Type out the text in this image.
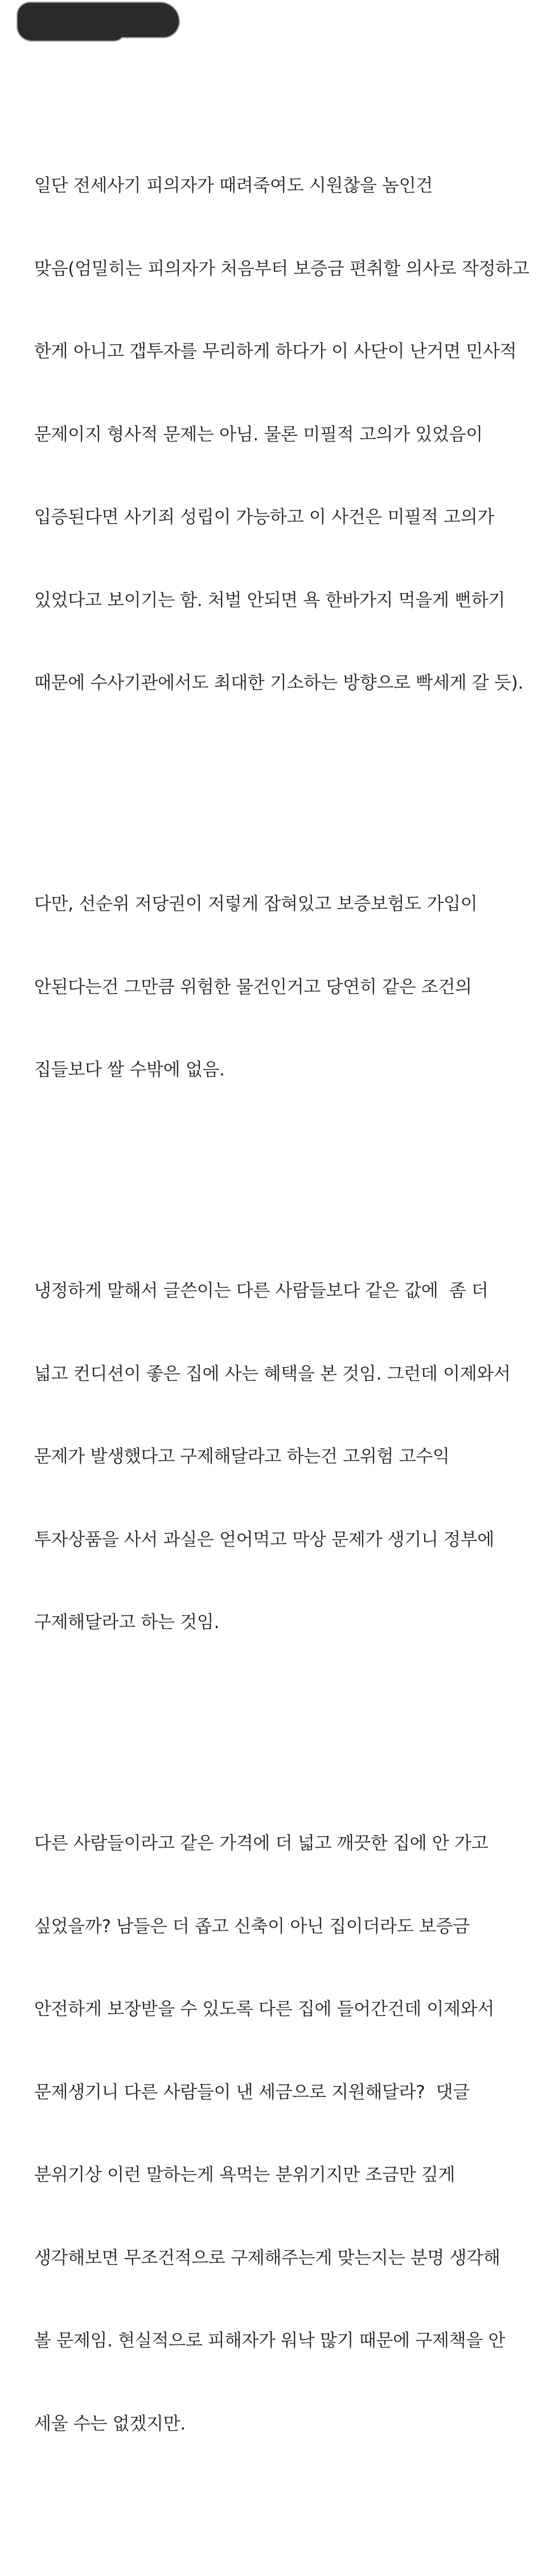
일단 전세사기 피의자가 때려죽여도 시원찮을 놈인건

맞음(엄밀히는 피의자가 처음부터 보증금 편취할 의사로 작정하고

한게 아니고 갭투자를 무리하게 하다가 이 사단이 난거면 민사적

문제이지 형사적 문제는 아님. 물론 미필적 고의가 있었음이

입증된다면 사기죄 성립이 가능하고 이 사건은 미필적 고의가

있었다고 보이기는 함. 처벌 안되면 욕 한바가지 먹을게 뻔하기

때문에 수사기관에서도 최대한 기소하는 방향으로 빡세게 갈 듯).

다만, 선순위 저당권이 저렇게 잡혀있고 보증보험도 가입이

안된다는건 그만큼 위험한 물건인거고 당연히 같은 조건의

집들보다 쌀 수밖에 없음.

냉정하게 말해서 글쓴이는 다른 사람들보다 같은 값에  좀 더

넓고 컨디션이 좋은 집에 사는 혜택을 본 것임. 그런데 이제와서

문제가 발생했다고 구제해달라고 하는건 고위험 고수익

투자상품을 사서 과실은 얻어먹고 막상 문제가 생기니 정부에

구제해달라고 하는 것임.

다른 사람들이라고 같은 가격에 더 넓고 깨끗한 집에 안 가고

싶었을까? 남들은 더 좁고 신축이 아닌 집이더라도 보증금

안전하게 보장받을 수 있도록 다른 집에 들어간건데 이제와서

문제생기니 다른 사람들이 낸 세금으로 지원해달라?  댓글

분위기상 이런 말하는게 욕먹는 분위기지만 조금만 깊게

생각해보면 무조건적으로 구제해주는게 맞는지는 분명 생각해

볼 문제임. 현실적으로 피해자가 워낙 많기 때문에 구제책을 안

세울 수는 없겠지만.
